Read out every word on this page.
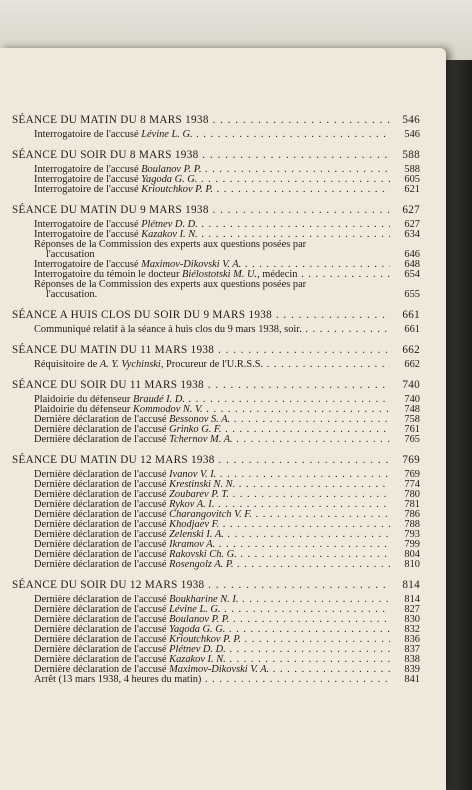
SÉANCE DU MATIN DU 8 MARS 1938 . . .	546
Interrogatoire de l'accusé Lévine L. G. . . .	546
SÉANCE DU SOIR DU 8 MARS 1938 . . .	588
Interrogatoire de l'accusé Boulanov P. P. . . .	588
Interrogatoire de l'accusé Yagoda G. G. . . .	605
Interrogatoire de l'accusé Krioutchkov P. P. . . .	621
SÉANCE DU MATIN DU 9 MARS 1938 . . .	627
Interrogatoire de l'accusé Plétnev D. D. . . .	627
Interrogatoire de l'accusé Kazakov I. N. . . .	634
Réponses de la Commission des experts aux questions posées par
l'accusation	646
Interrogatoire de l'accusé Maximov-Dikovski V. A. . . .	648
Interrogatoire du témoin le docteur Biélostotski M. U., médecin . . .	654
Réponses de la Commission des experts aux questions posées par
l'accusation.	655
SÉANCE A HUIS CLOS DU SOIR DU 9 MARS 1938 . . .	661
Communiqué relatif à la séance à huis clos du 9 mars 1938, soir. . . .	661
SÉANCE DU MATIN DU 11 MARS 1938 . . .	662
Réquisitoire de A. Y. Vychinski, Procureur de l'U.R.S.S. . . .	662
SÉANCE DU SOIR DU 11 MARS 1938 . . .	740
Plaidoirie du défenseur Braudé I. D. . . .	740
Plaidoirie du défenseur Kommodov N. V. . . .	748
Dernière déclaration de l'accusé Bessonov S. A. . . .	758
Dernière déclaration de l'accusé Grinko G. F. . . .	761
Dernière déclaration de l'accusé Tchernov M. A. . . .	765
SÉANCE DU MATIN DU 12 MARS 1938 . . .	769
Dernière déclaration de l'accusé Ivanov V. I. . . .	769
Dernière déclaration de l'accusé Krestinski N. N. . . .	774
Dernière déclaration de l'accusé Zoubarev P. T. . . .	780
Dernière déclaration de l'accusé Rykov A. I. . . .	781
Dernière déclaration de l'accusé Charangovitch V. F. . . .	786
Dernière déclaration de l'accusé Khodjaev F. . . .	788
Dernière déclaration de l'accusé Zelenski I. A. . . .	793
Dernière déclaration de l'accusé Ikramov A. . . .	799
Dernière déclaration de l'accusé Rakovski Ch. G. . . .	804
Dernière déclaration de l'accusé Rosengolz A. P. . . .	810
SÉANCE DU SOIR DU 12 MARS 1938 . . .	814
Dernière déclaration de l'accusé Boukharine N. I. . . .	814
Dernière déclaration de l'accusé Lévine L. G. . . .	827
Dernière déclaration de l'accusé Boulanov P. P. . . .	830
Dernière déclaration de l'accusé Yagoda G. G. . . .	832
Dernière déclaration de l'accusé Krioutchkov P. P. . . .	836
Dernière déclaration de l'accusé Plétnev D. D. . . .	837
Dernière déclaration de l'accusé Kazakov I. N. . . .	838
Dernière déclaration de l'accusé Maximov-Dikovski V. A. . . .	839
Arrêt (13 mars 1938, 4 heures du matin) . . .	841
